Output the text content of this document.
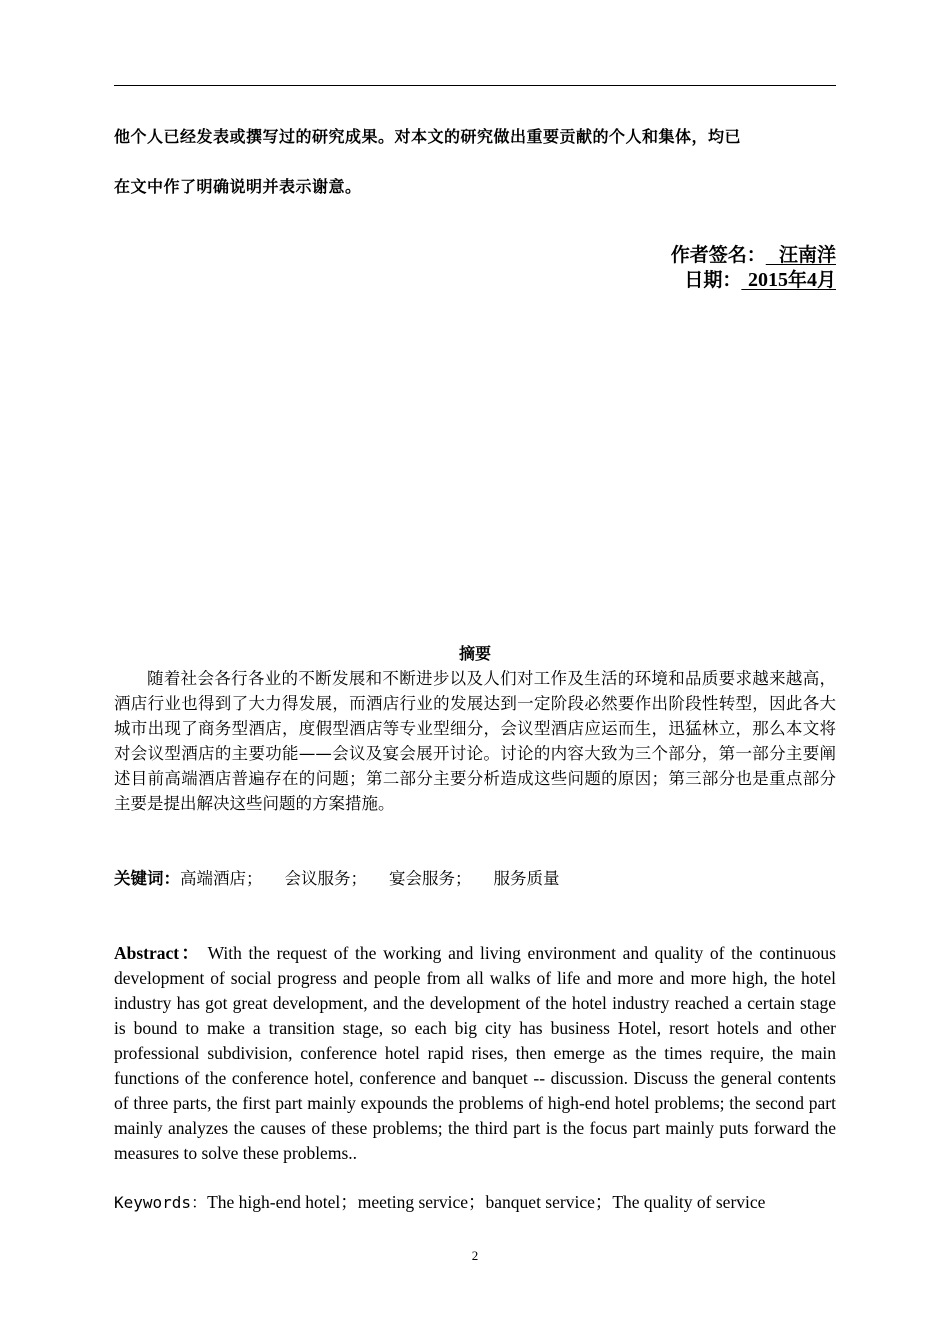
他个人已经发表或撰写过的研究成果。对本文的研究做出重要贡献的个人和集体，均已
在文中作了明确说明并表示谢意。
作者签名：  汪南洋
日期： 2015年4月
摘要
随着社会各行各业的不断发展和不断进步以及人们对工作及生活的环境和品质要求越来越高，酒店行业也得到了大力得发展，而酒店行业的发展达到一定阶段必然要作出阶段性转型，因此各大城市出现了商务型酒店，度假型酒店等专业型细分，会议型酒店应运而生，迅猛林立，那么本文将对会议型酒店的主要功能——会议及宴会展开讨论。讨论的内容大致为三个部分，第一部分主要阐述目前高端酒店普遍存在的问题；第二部分主要分析造成这些问题的原因；第三部分也是重点部分主要是提出解决这些问题的方案措施。
关键词：高端酒店； 会议服务； 宴会服务； 服务质量
Abstract： With the request of the working and living environment and quality of the continuous development of social progress and people from all walks of life and more and more high, the hotel industry has got great development, and the development of the hotel industry reached a certain stage is bound to make a transition stage, so each big city has business Hotel, resort hotels and other professional subdivision, conference hotel rapid rises, then emerge as the times require, the main functions of the conference hotel, conference and banquet -- discussion. Discuss the general contents of three parts, the first part mainly expounds the problems of high-end hotel problems; the second part mainly analyzes the causes of these problems; the third part is the focus part mainly puts forward the measures to solve these problems..
Keywords：The high-end hotel；meeting service；banquet service；The quality of service
2
